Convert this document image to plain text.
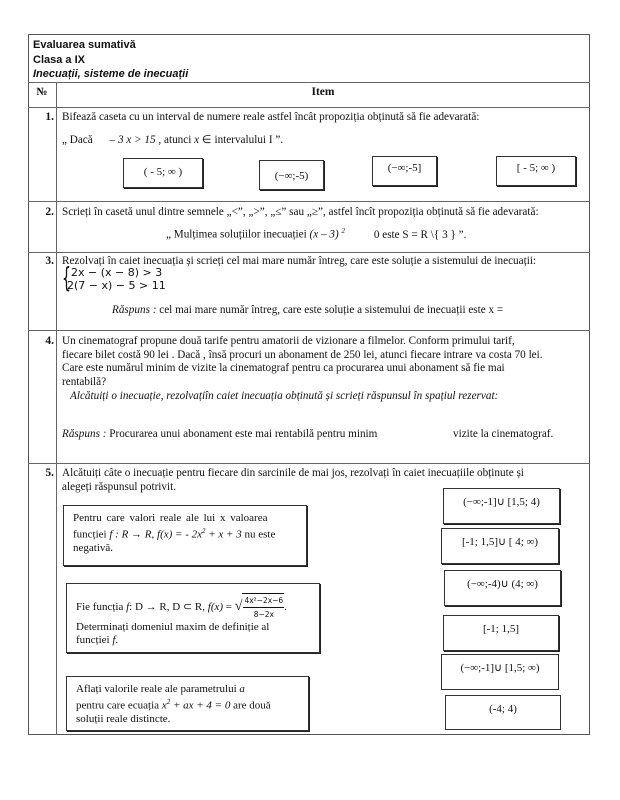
Evaluarea sumativă
Clasa a IX
Inecuații, sisteme de inecuații
№	Item
1. Bifează caseta cu un interval de numere reale astfel încât propoziția obținută să fie adevarată:
„ Dacă – 3 x > 15 , atunci x ∈ intervalului I ”.
( - 5; ∞ )	(−∞;-5)
(−∞;-5]	[ - 5; ∞ )
2. Scrieți în casetă unul dintre semnele „<”, „>”, „≤” sau „≥”, astfel încît propoziția obținută să fie adevarată:
„ Mulțimea soluțiilor inecuației (x – 3) $^2$	0 este S = R \{ 3 } ”.
3. Rezolvați în caiet inecuația și scrieți cel mai mare număr întreg, care este soluție a sistemului de inecuații:
{ 2x − (x − 8) > 3
2(7 − x) − 5 > 11
Răspuns : cel mai mare număr întreg, care este soluție a sistemului de inecuații este x =
4. Un cinematograf propune două tarife pentru amatorii de vizionare a filmelor. Conform primului tarif,
fiecare bilet costă 90 lei . Dacă , însă procuri un abonament de 250 lei, atunci fiecare intrare va costa 70 lei.
Care este numărul minim de vizite la cinematograf pentru ca procurarea unui abonament să fie mai
rentabilă?
Alcătuiți o inecuație, rezolvațiîn caiet inecuația obținută și scrieți răspunsul în spațiul rezervat:
Răspuns : Procurarea unui abonament este mai rentabilă pentru minim	vizite la cinematograf.
5. Alcătuiți câte o inecuație pentru fiecare din sarcinile de mai jos, rezolvați în caiet inecuațiile obținute și
alegeți răspunsul potrivit.
Pentru care valori reale ale lui x valoarea
funcției f : R → R, f(x) = - $2x^2 + x + 3$ nu este
negativă.
Fie funcția f: D → R, D ⊂ R, f(x) = √ $\frac{\text{4x²−2x−6}}{8-2x}$ .
Determinați domeniul maxim de definiție al
funcției f.
Aflați valorile reale ale parametrului a
pentru care ecuația $x^2$ + ax + 4 = 0 are două
soluții reale distincte.
(−∞;-1]∪ [1,5; 4)
[-1; 1,5]∪ [ 4; ∞)
(−∞;-4)∪ (4; ∞)
[-1; 1,5]
(−∞;-1]∪ [1,5; ∞)
(-4; 4)
